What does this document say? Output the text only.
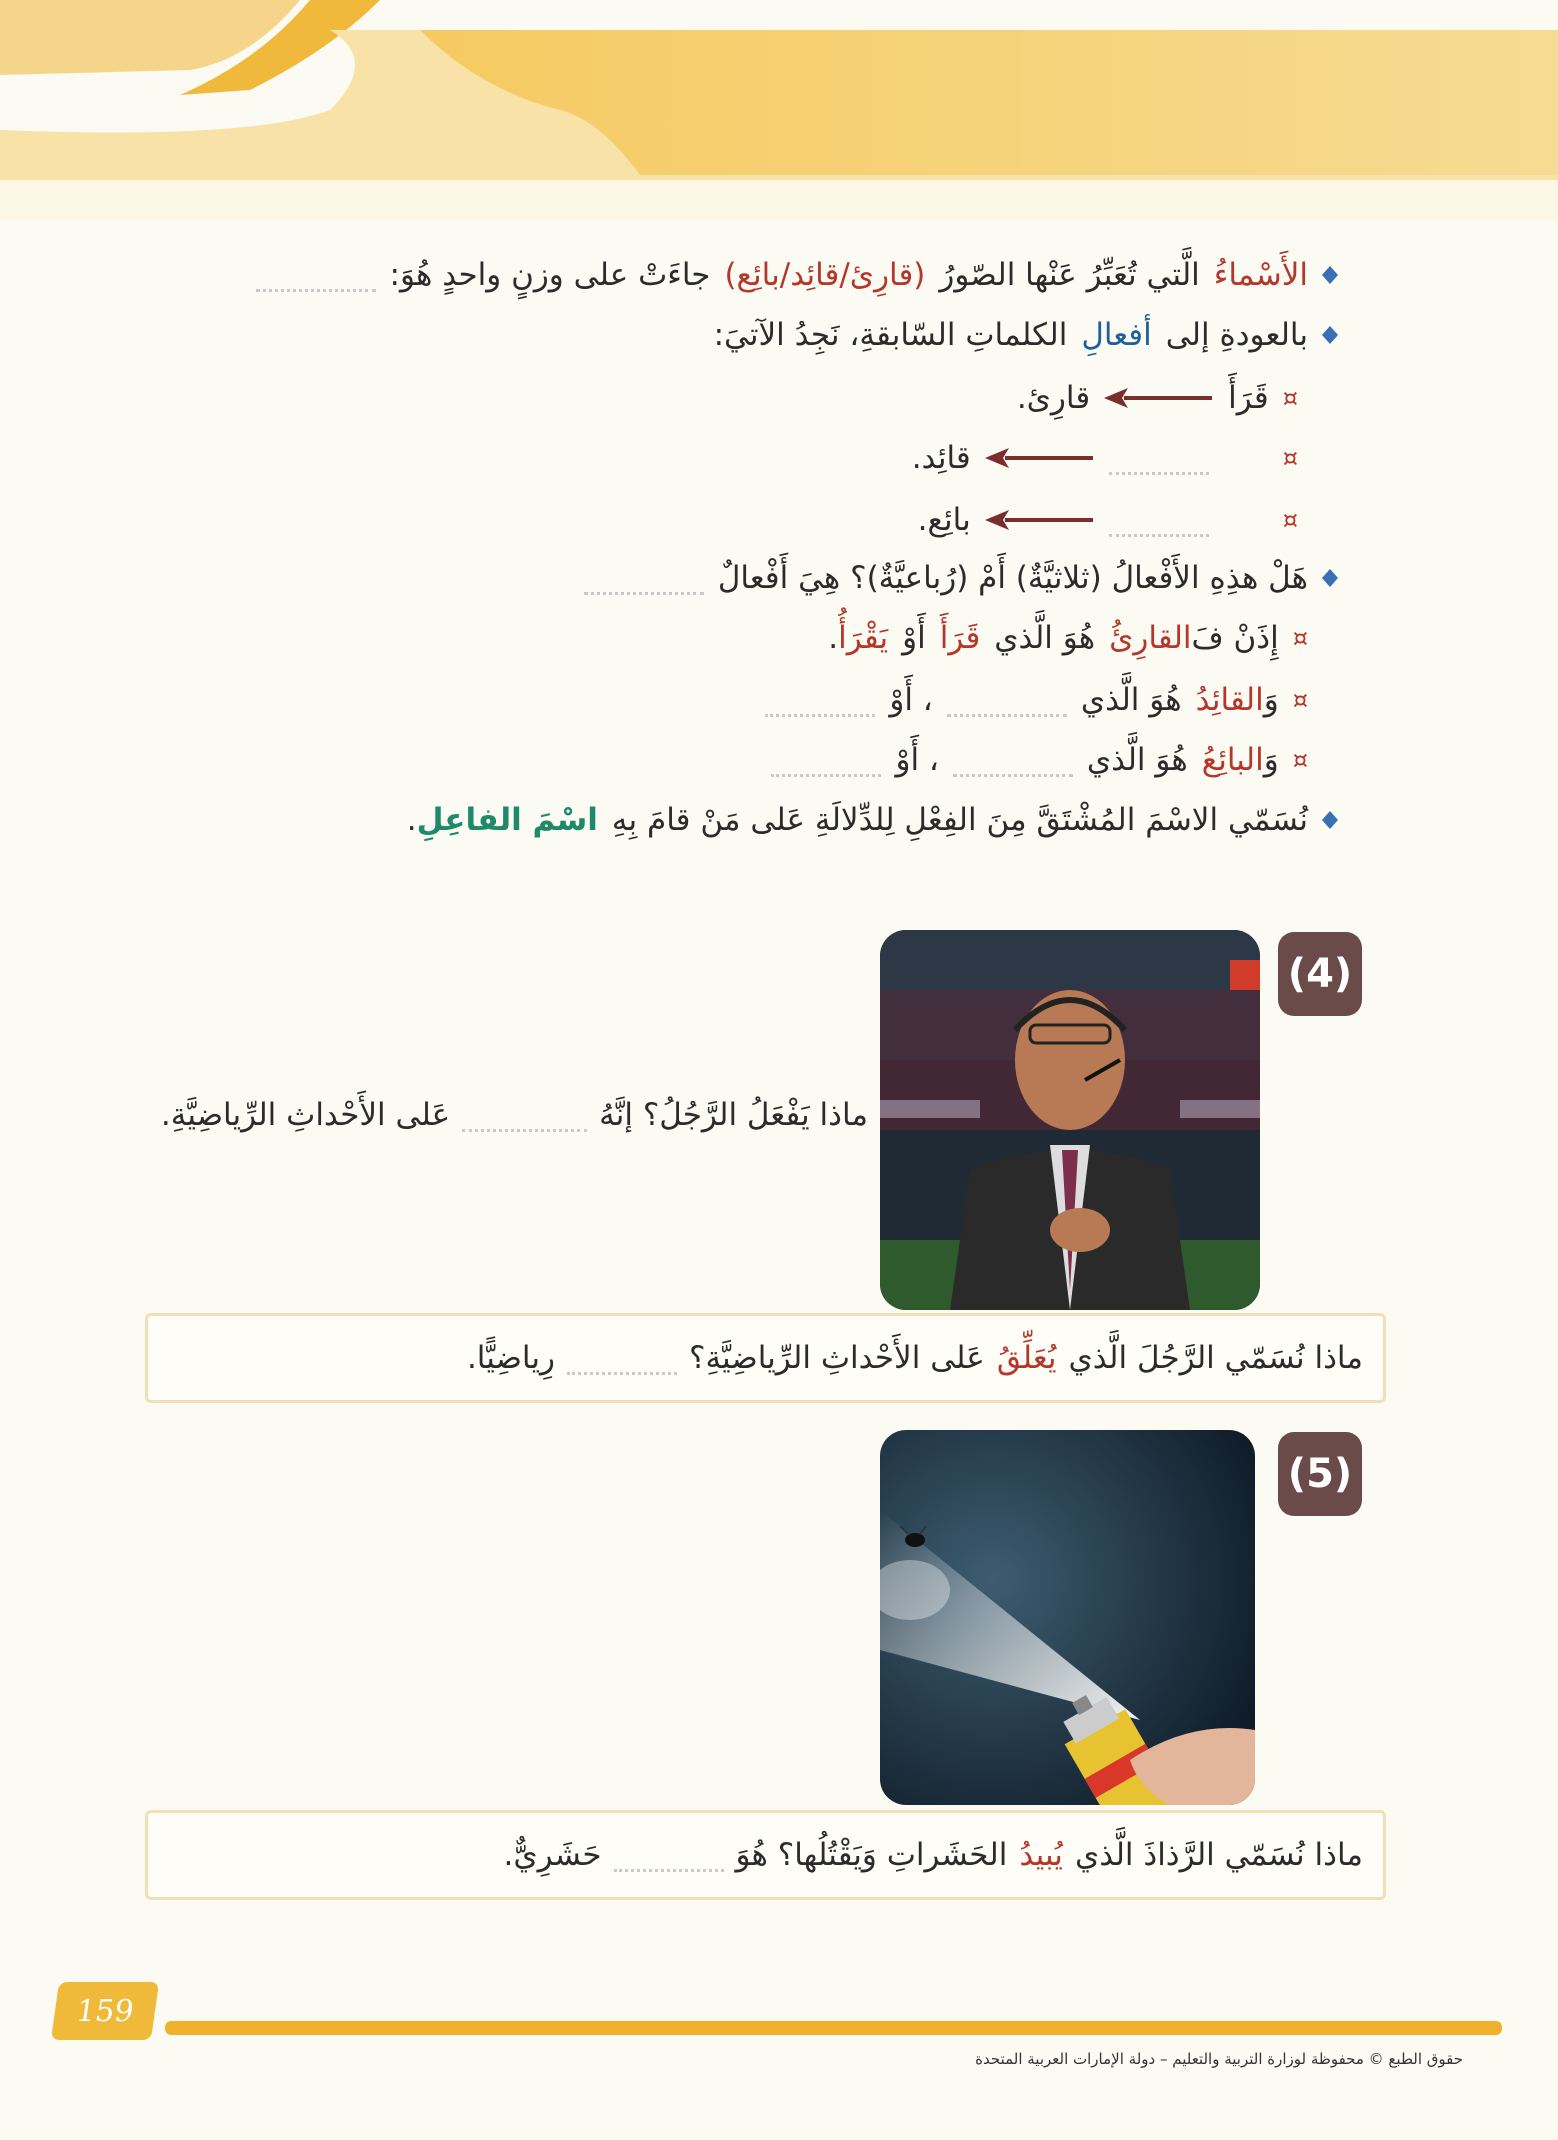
الأَسْماءُ
الَّتي تُعَبِّرُ عَنْها الصّورُ
(قارِئ/قائِد/بائِع)
جاءَتْ على وزنٍ واحدٍ هُوَ:
بالعودةِ إلى
أفعالِ
الكلماتِ السّابقةِ، نَجِدُ الآتيَ:
¤
قَرَأَ
قارِئ.
¤
قائِد.
¤
بائِع.
هَلْ هذِهِ الأَفْعالُ (ثلاثيَّةٌ) أَمْ (رُباعيَّةٌ)؟ هِيَ أَفْعالٌ
¤
إِذَنْ فَ
القارِئُ
هُوَ الَّذي
قَرَأَ
أَوْ
يَقْرَأُ
.
¤
وَ
القائِدُ
هُوَ الَّذي
، أَوْ
¤
وَ
البائِعُ
هُوَ الَّذي
، أَوْ
نُسَمّي الاسْمَ المُشْتَقَّ مِنَ الفِعْلِ لِلدِّلالَةِ عَلى مَنْ قامَ بِهِ
اسْمَ الفاعِلِ
.
(4)
ماذا يَفْعَلُ الرَّجُلُ؟ إنَّهُ
عَلى الأَحْداثِ الرِّياضِيَّةِ.
ماذا نُسَمّي الرَّجُلَ الَّذي
يُعَلِّقُ
عَلى الأَحْداثِ الرِّياضِيَّةِ؟
رِياضِيًّا.
(5)
ماذا نُسَمّي الرَّذاذَ الَّذي
يُبيدُ
الحَشَراتِ وَيَقْتُلُها؟ هُوَ
حَشَرِيٌّ.
159
حقوق الطبع © محفوظة لوزارة التربية والتعليم – دولة الإمارات العربية المتحدة
